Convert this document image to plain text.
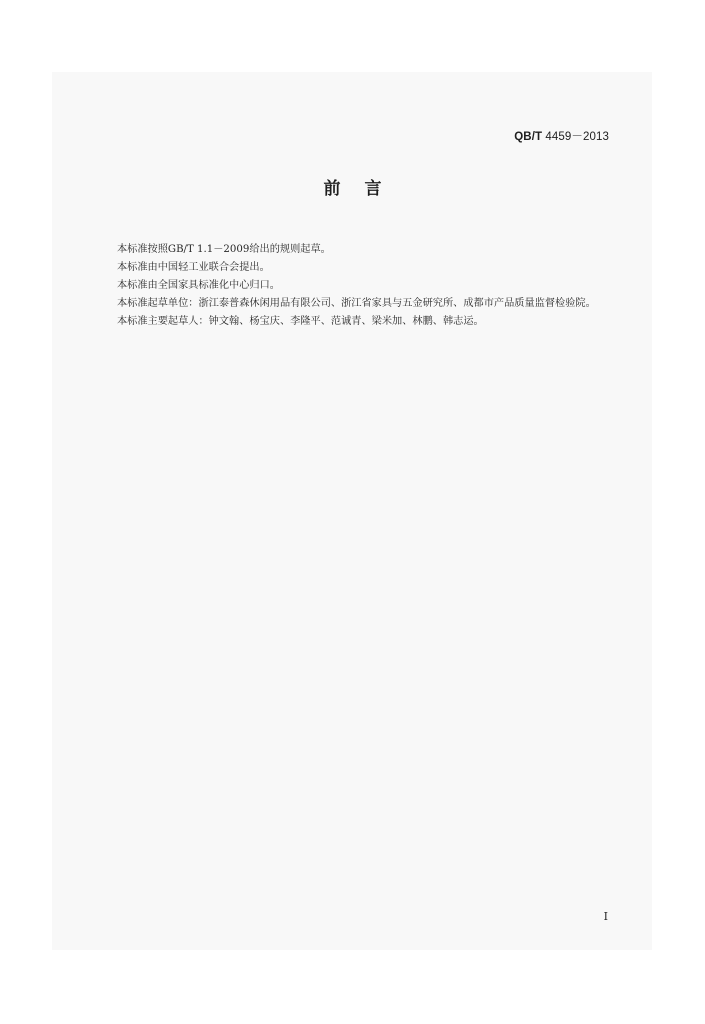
QB/T 4459－2013
前言

本标准按照GB/T 1.1－2009给出的规则起草。

本标准由中国轻工业联合会提出。

本标准由全国家具标准化中心归口。

本标准起草单位：浙江泰普森休闲用品有限公司、浙江省家具与五金研究所、成都市产品质量监督检验院。

本标准主要起草人：钟文翰、杨宝庆、李隆平、范诚青、梁米加、林鹏、韩志运。

I
